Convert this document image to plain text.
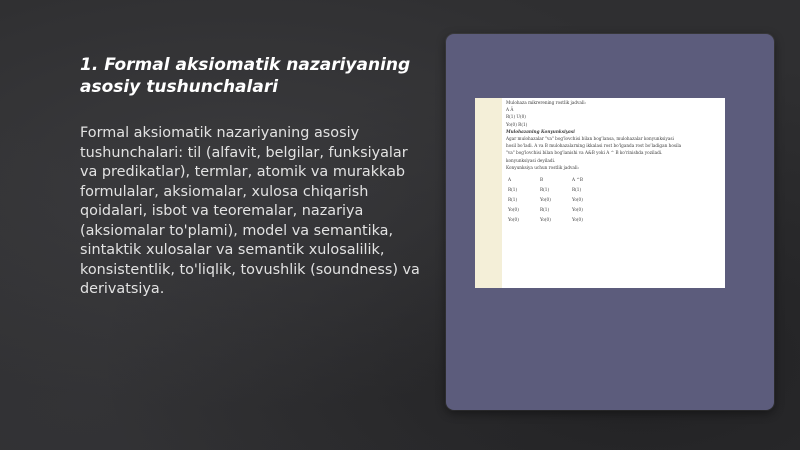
1. Formal aksiomatik nazariyaning asosiy tushunchalari

Formal aksiomatik nazariyaning asosiy tushunchalari: til (alfavit, belgilar, funksiyalar va predikatlar), termlar, atomik va murakkab formulalar, aksiomalar, xulosa chiqarish qoidalari, isbot va teoremalar, nazariya (aksiomalar to'plami), model va semantika, sintaktik xulosalar va semantik xulosalilik, konsistentlik, to'liqlik, tovushlik (soundness) va derivatsiya.

Mulohaza mikrerening rostlik jadvali:
A Ā
R(1) U(0)
Yo(0) R(1)
Mulohazaning Konyunksiyasi
Agar mulohazalar "va" bog'lovchisi bilan bog'lansa, mulohazalar konyunksiyasi
hosil bo'ladi. A va B mulohazalarning ikkalasi rost bo'lganda rost bo'ladigan hosila
"va" bog'lovchisi bilan bog'lanishi va A&B yoki A ^ B ko'rinishda yoziladi.
konyunksiyasi deyiladi.
Konyunksiya uchun rostlik jadvali:
A	B	A ^B
R(1)	R(1)	R(1)
R(1)	Yo(0)	Yo(0)
Yo(0)	R(1)	Yo(0)
Yo(0)	Yo(0)	Yo(0)
